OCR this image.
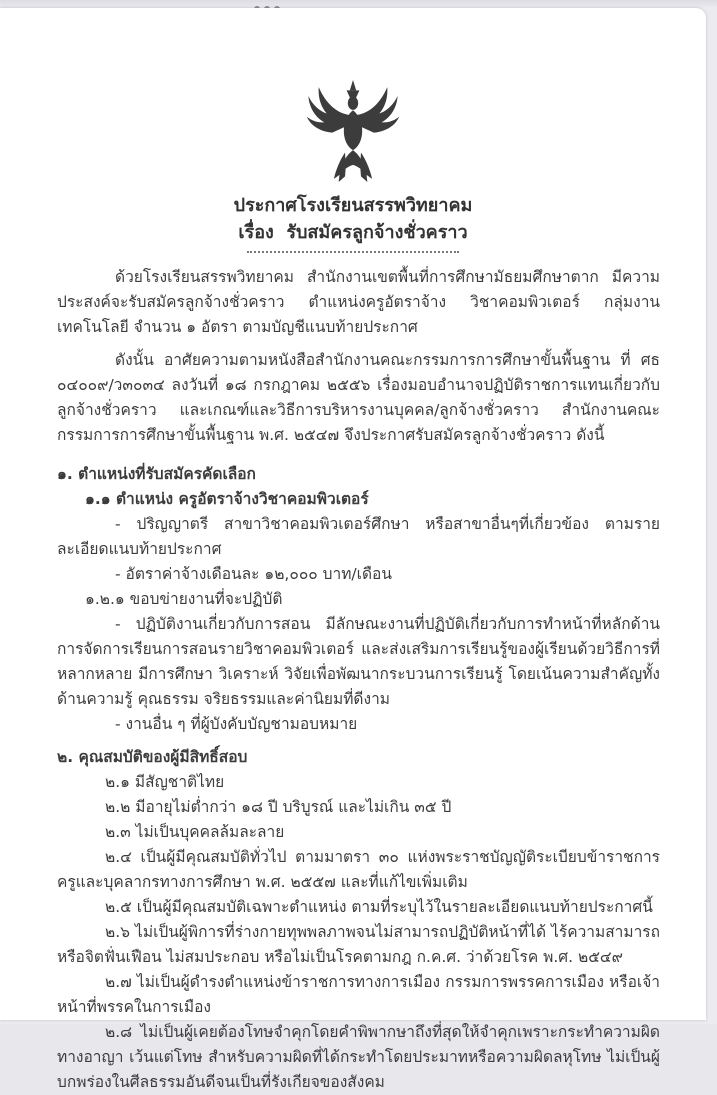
ประกาศโรงเรียนสรรพวิทยาคม
เรื่อง  รับสมัครลูกจ้างชั่วคราว
ด้วยโรงเรียนสรรพวิทยาคม สำนักงานเขตพื้นที่การศึกษามัธยมศึกษาตาก มีความประสงค์จะรับสมัครลูกจ้างชั่วคราว ตำแหน่งครูอัตราจ้าง วิชาคอมพิวเตอร์ กลุ่มงานเทคโนโลยี จำนวน ๑ อัตรา ตามบัญชีแนบท้ายประกาศ
ดังนั้น อาศัยความตามหนังสือสำนักงานคณะกรรมการการศึกษาขั้นพื้นฐาน ที่ ศธ ๐๔๐๐๙/ว๓๐๓๔ ลงวันที่ ๑๘ กรกฎาคม ๒๕๕๖ เรื่องมอบอำนาจปฏิบัติราชการแทนเกี่ยวกับลูกจ้างชั่วคราว และเกณฑ์และวิธีการบริหารงานบุคคล/ลูกจ้างชั่วคราว สำนักงานคณะกรรมการการศึกษาขั้นพื้นฐาน พ.ศ. ๒๕๔๗ จึงประกาศรับสมัครลูกจ้างชั่วคราว ดังนี้
๑. ตำแหน่งที่รับสมัครคัดเลือก
๑.๑ ตำแหน่ง ครูอัตราจ้างวิชาคอมพิวเตอร์
- ปริญญาตรี สาขาวิชาคอมพิวเตอร์ศึกษา หรือสาขาอื่นๆที่เกี่ยวข้อง ตามรายละเอียดแนบท้ายประกาศ
- อัตราค่าจ้างเดือนละ ๑๒,๐๐๐ บาท/เดือน
๑.๒.๑ ขอบข่ายงานที่จะปฏิบัติ
- ปฏิบัติงานเกี่ยวกับการสอน มีลักษณะงานที่ปฏิบัติเกี่ยวกับการทำหน้าที่หลักด้านการจัดการเรียนการสอนรายวิชาคอมพิวเตอร์ และส่งเสริมการเรียนรู้ของผู้เรียนด้วยวิธีการที่หลากหลาย มีการศึกษา วิเคราะห์ วิจัยเพื่อพัฒนากระบวนการเรียนรู้ โดยเน้นความสำคัญทั้งด้านความรู้ คุณธรรม จริยธรรมและค่านิยมที่ดีงาม
- งานอื่น ๆ ที่ผู้บังคับบัญชามอบหมาย
๒. คุณสมบัติของผู้มีสิทธิ์สอบ
๒.๑ มีสัญชาติไทย
๒.๒ มีอายุไม่ต่ำกว่า ๑๘ ปี บริบูรณ์ และไม่เกิน ๓๕ ปี
๒.๓ ไม่เป็นบุคคลล้มละลาย
๒.๔ เป็นผู้มีคุณสมบัติทั่วไป ตามมาตรา ๓๐ แห่งพระราชบัญญัติระเบียบข้าราชการครูและบุคลากรทางการศึกษา พ.ศ. ๒๕๕๗ และที่แก้ไขเพิ่มเติม
๒.๕ เป็นผู้มีคุณสมบัติเฉพาะตำแหน่ง ตามที่ระบุไว้ในรายละเอียดแนบท้ายประกาศนี้
๒.๖ ไม่เป็นผู้พิการที่ร่างกายทุพพลภาพจนไม่สามารถปฏิบัติหน้าที่ได้ ไร้ความสามารถ หรือจิตฟั่นเฟือน ไม่สมประกอบ หรือไม่เป็นโรคตามกฎ ก.ค.ศ. ว่าด้วยโรค พ.ศ. ๒๕๔๙
๒.๗ ไม่เป็นผู้ดำรงตำแหน่งข้าราชการทางการเมือง กรรมการพรรคการเมือง หรือเจ้าหน้าที่พรรคในการเมือง
๒.๘ ไม่เป็นผู้เคยต้องโทษจำคุกโดยคำพิพากษาถึงที่สุดให้จำคุกเพราะกระทำความผิดทางอาญา เว้นแต่โทษ สำหรับความผิดที่ได้กระทำโดยประมาทหรือความผิดลหุโทษ ไม่เป็นผู้บกพร่องในศีลธรรมอันดีจนเป็นที่รังเกียจของสังคม
